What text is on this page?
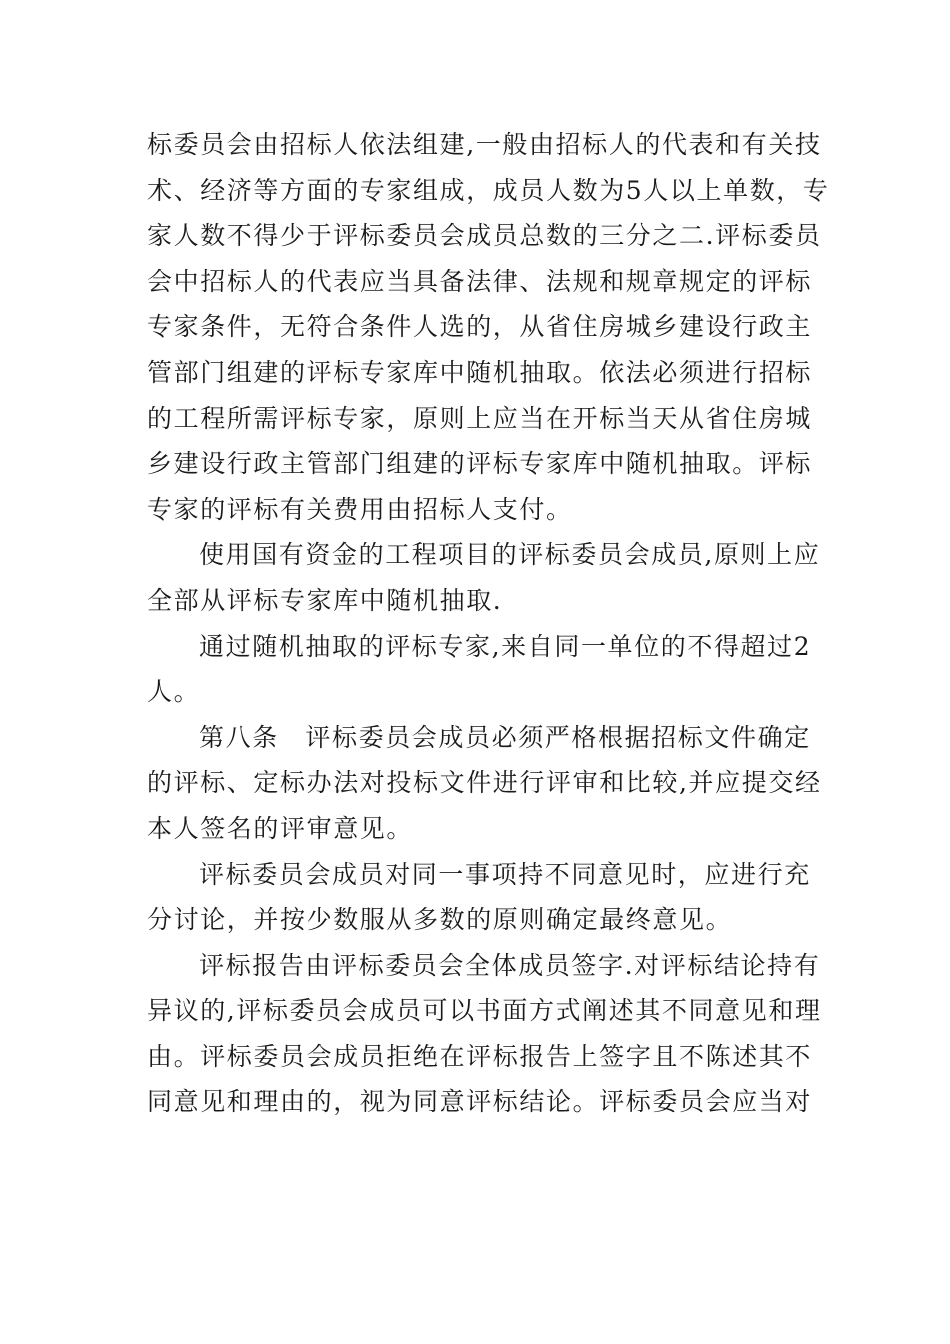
标委员会由招标人依法组建,一般由招标人的代表和有关技
术、经济等方面的专家组成，成员人数为5人以上单数，专
家人数不得少于评标委员会成员总数的三分之二.评标委员
会中招标人的代表应当具备法律、法规和规章规定的评标
专家条件，无符合条件人选的，从省住房城乡建设行政主
管部门组建的评标专家库中随机抽取。依法必须进行招标
的工程所需评标专家，原则上应当在开标当天从省住房城
乡建设行政主管部门组建的评标专家库中随机抽取。评标
专家的评标有关费用由招标人支付。
使用国有资金的工程项目的评标委员会成员,原则上应
全部从评标专家库中随机抽取.
通过随机抽取的评标专家,来自同一单位的不得超过2
人。
第八条　评标委员会成员必须严格根据招标文件确定
的评标、定标办法对投标文件进行评审和比较,并应提交经
本人签名的评审意见。
评标委员会成员对同一事项持不同意见时，应进行充
分讨论，并按少数服从多数的原则确定最终意见。
评标报告由评标委员会全体成员签字.对评标结论持有
异议的,评标委员会成员可以书面方式阐述其不同意见和理
由。评标委员会成员拒绝在评标报告上签字且不陈述其不
同意见和理由的，视为同意评标结论。评标委员会应当对
